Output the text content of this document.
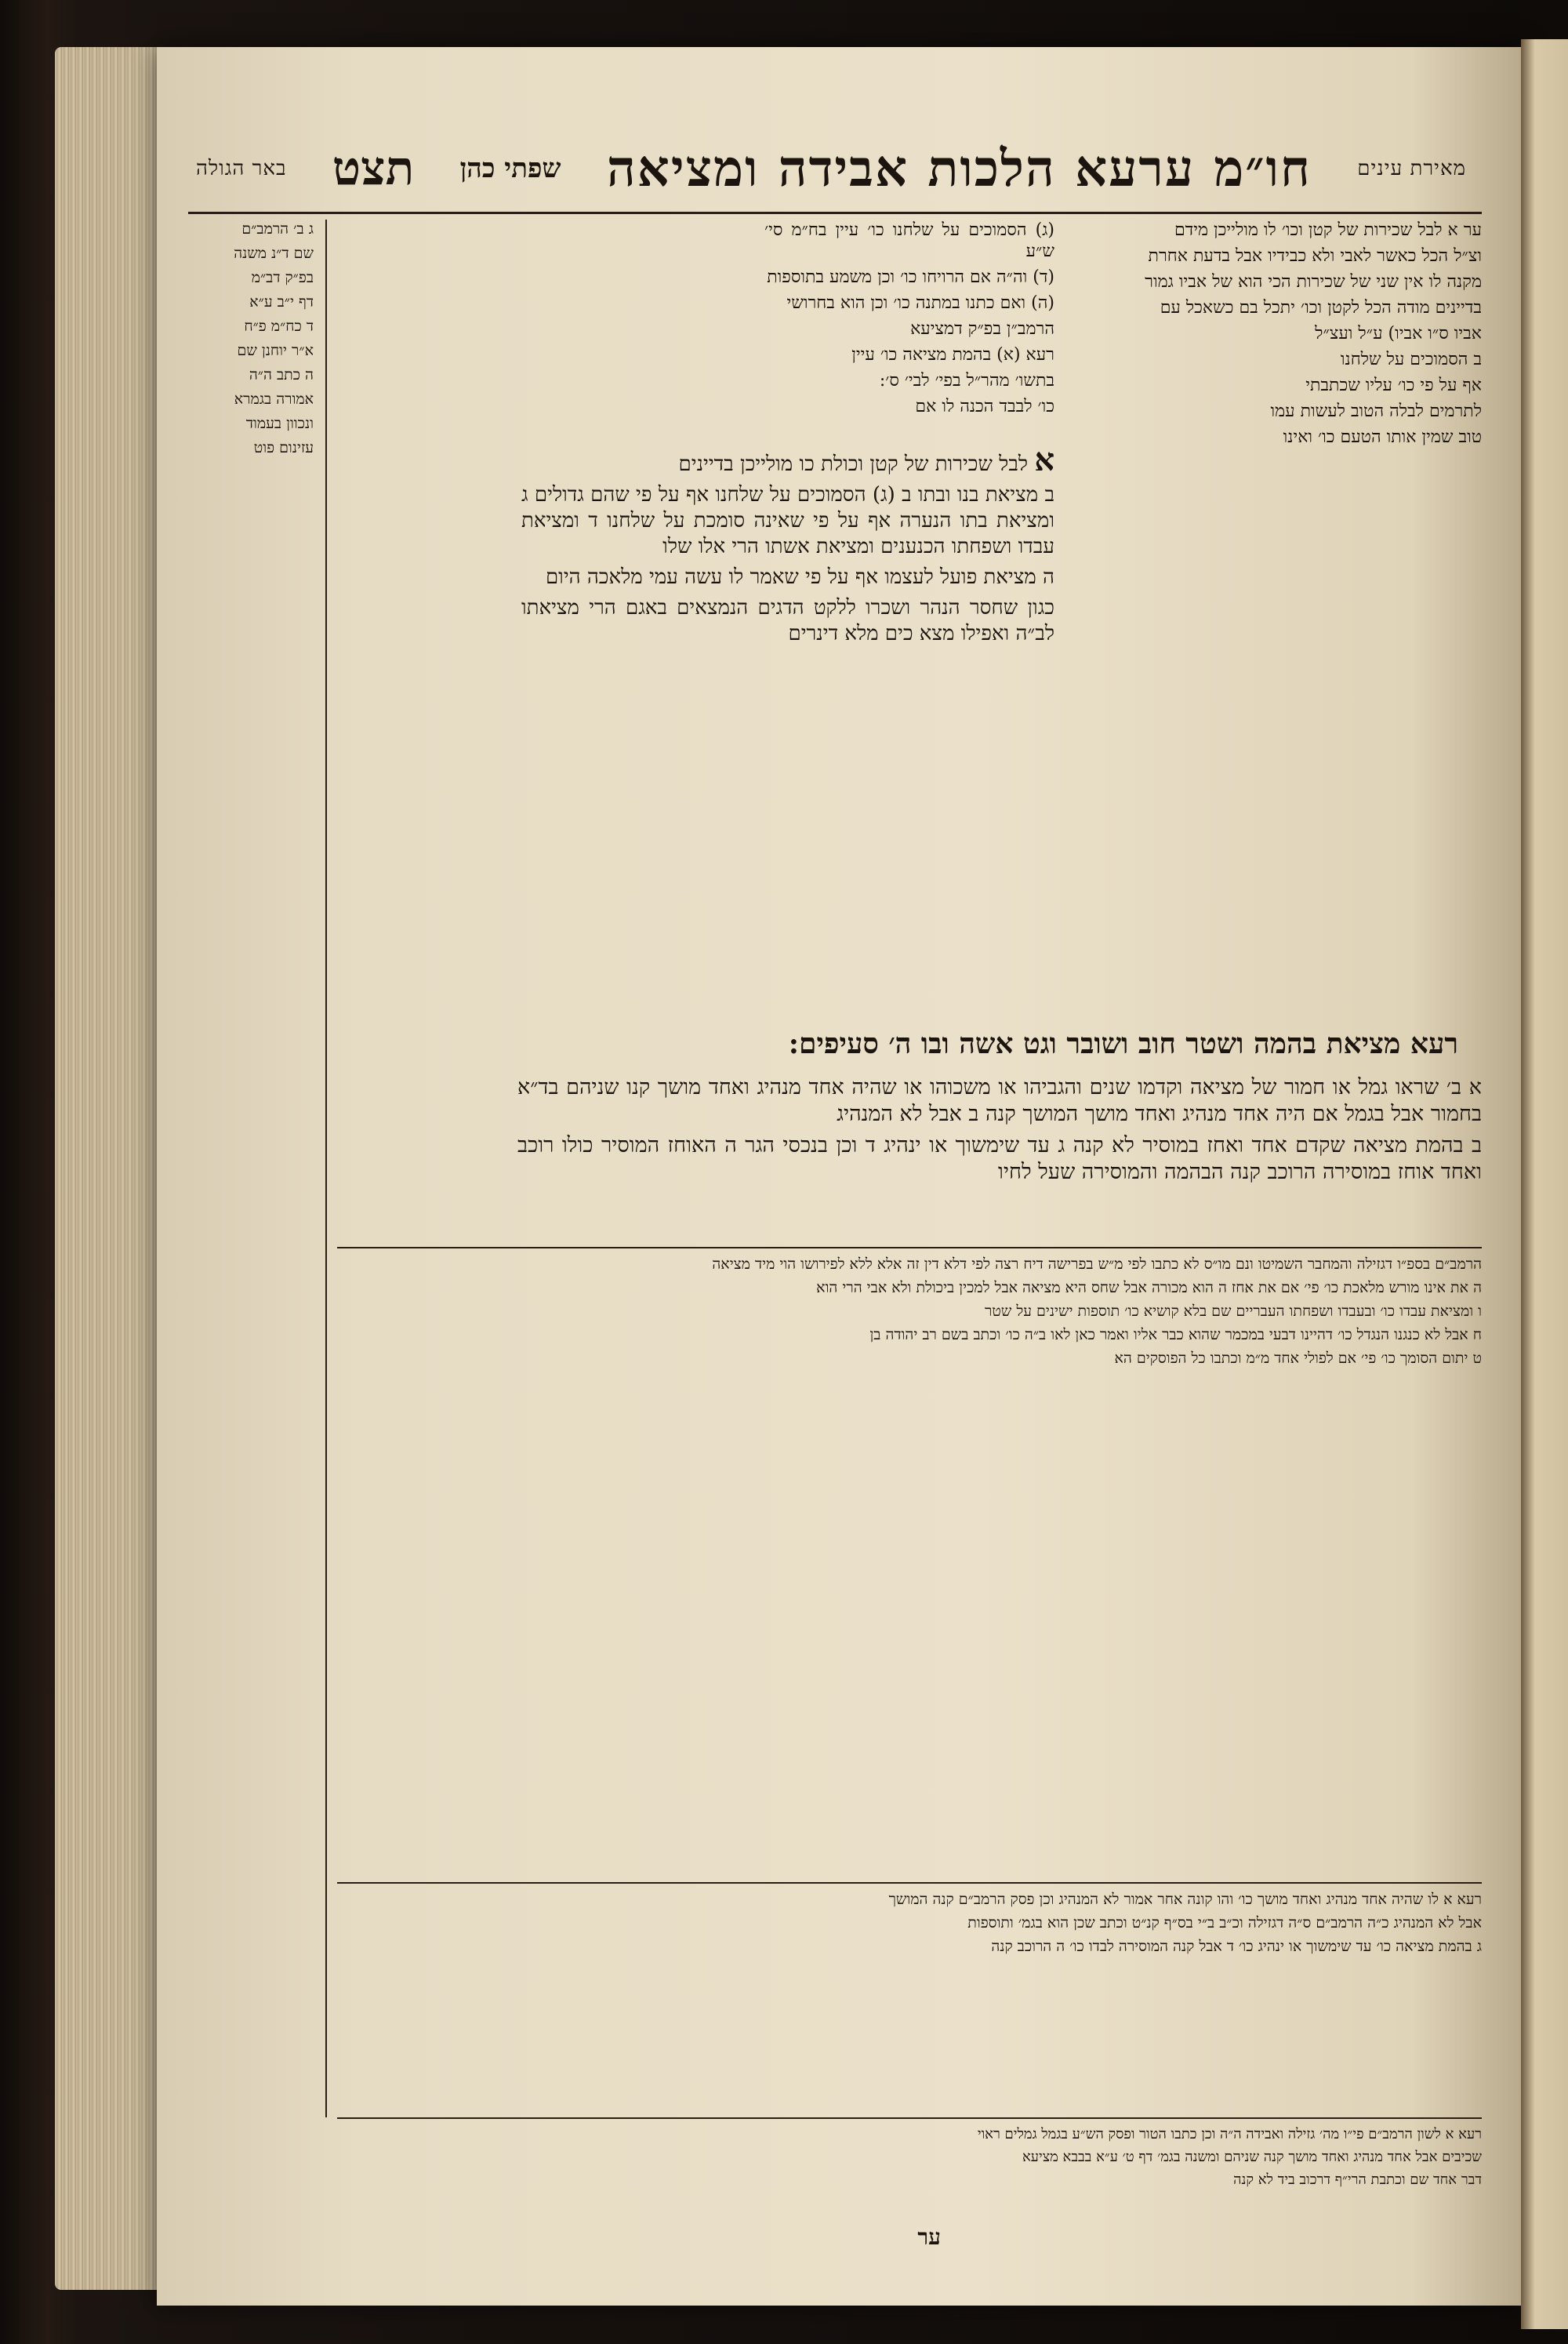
מאירת עינים
חו״מ ערעא הלכות אבידה ומציאה
שפתי כהן
תצט
באר הגולה

ער א לבל שכירות של קטן וכו׳ לו מולייכן מידם

וצ״ל הכל כאשר לאבי ולא כבידיו אבל בדעת אחרת

מקנה לו אין שני של שכירות הכי הוא של אביו גמור

בדיינים מודה הכל לקטן וכו׳ יתכל בם כשאכל עם

אביו ס״ו אביו) ע״ל ועצ״ל

ב הסמוכים על שלחנו

אף על פי כו׳ עליו שכתבתי

לתרמים לבלה הטוב לעשות עמו

טוב שמין אותו הטעם כו׳ ואינו

(ג) הסמוכים על שלחנו כו׳ עיין בח״מ סי׳ ש״ע

(ד) וה״ה אם הרויחו כו׳ וכן משמע בתוספות

(ה) ואם כתנו במתנה כו׳ וכן הוא בחרושי

הרמב״ן בפ״ק דמציעא

רעא (א) בהמת מציאה כו׳ עיין

בתשו׳ מהר״ל בפי׳ לבי׳ ס׳:

כו׳ לבבד הכנה לו אם

ג ב׳ הרמב״ם

שם ד״נ משנה

בפ״ק דב״מ

דף י״ב ע״א

ד כח״מ פ״ח

א״ר יוחנן שם

ה כתב ה״ה

אמורה בגמרא

ונכוון בעמוד

עזינום פוט	א לבל שכירות של קטן וכולת כו מולייכן בדיינים

ב מציאת בנו ובתו ב (ג) הסמוכים על שלחנו אף על פי שהם גדולים ג ומציאת בתו הנערה אף על פי שאינה סומכת על שלחנו ד ומציאת עבדו ושפחתו הכנענים ומציאת אשתו הרי אלו שלו

ה מציאת פועל לעצמו אף על פי שאמר לו עשה עמי מלאכה היום

כגון שחסר הנהר ושכרו ללקט הדגים הנמצאים באגם הרי מציאתו לב״ה ואפילו מצא כים מלא דינרים

רעא מציאת בהמה ושטר חוב ושובר וגט אשה ובו ה׳ סעיפים:

א ב׳ שראו גמל או חמור של מציאה וקדמו שנים והגביהו או משכוהו או שהיה אחד מנהיג ואחד מושך קנו שניהם בד״א בחמור אבל בגמל אם היה אחד מנהיג ואחד מושך המושך קנה ב אבל לא המנהיג

ב בהמת מציאה שקדם אחד ואחז במוסיר לא קנה ג עד שימשוך או ינהיג ד וכן בנכסי הגר ה האוחז המוסיר כולו רוכב ואחד אוחז במוסירה הרוכב קנה הבהמה והמוסירה שעל לחיו

הרמב״ם בספ״ו דגזילה והמחבר השמיטו ונם מו״ס לא כתבו לפי מ״ש בפרישה דיח רצה לפי דלא דין זה אלא ללא לפירושו הוי מיד מציאה

ה את אינו מורש מלאכת כו׳ פי׳ אם את אחז ה הוא מכורה אבל שחס היא מציאה אבל למכין ביכולת ולא אבי הרי הוא

ו ומציאת עבדו כו׳ ובעבדו ושפחתו העבריים שם בלא קושיא כו׳ תוספות ישינים על שטר

ח אבל לא כנגנו הנגדל כו׳ דהיינו דבעי במכמר שהוא כבר אליו ואמר כאן לאו ב״ה כו׳ וכתב בשם רב יהודה בן

ט יתום הסומך כו׳ פי׳ אם לפולי אחד מ״מ וכתבו כל הפוסקים הא

רעא א לו שהיה אחד מנהיג ואחד מושך כו׳ והו קונה אחר אמור לא המנהיג וכן פסק הרמב״ם קנה המושך

אבל לא המנהיג כ״ה הרמב״ם ס״ה דגזילה וכ״ב ב״י בס״ף קנ״ט וכתב שכן הוא בגמ׳ ותוספות

ג בהמת מציאה כו׳ עד שימשוך או ינהיג כו׳ ד אבל קנה המוסירה לבדו כו׳ ה הרוכב קנה

רעא א לשון הרמב״ם פי״ו מה׳ גזילה ואבידה ה״ה וכן כתבו הטור ופסק הש״ע בגמל גמלים ראוי

שכיבים אבל אחד מנהיג ואחד מושך קנה שניהם ומשנה בגמ׳ דף ט׳ ע״א בבבא מציעא

דבר אחד שם וכתבת הרי״ף דרכוב ביד לא קנה

ער
